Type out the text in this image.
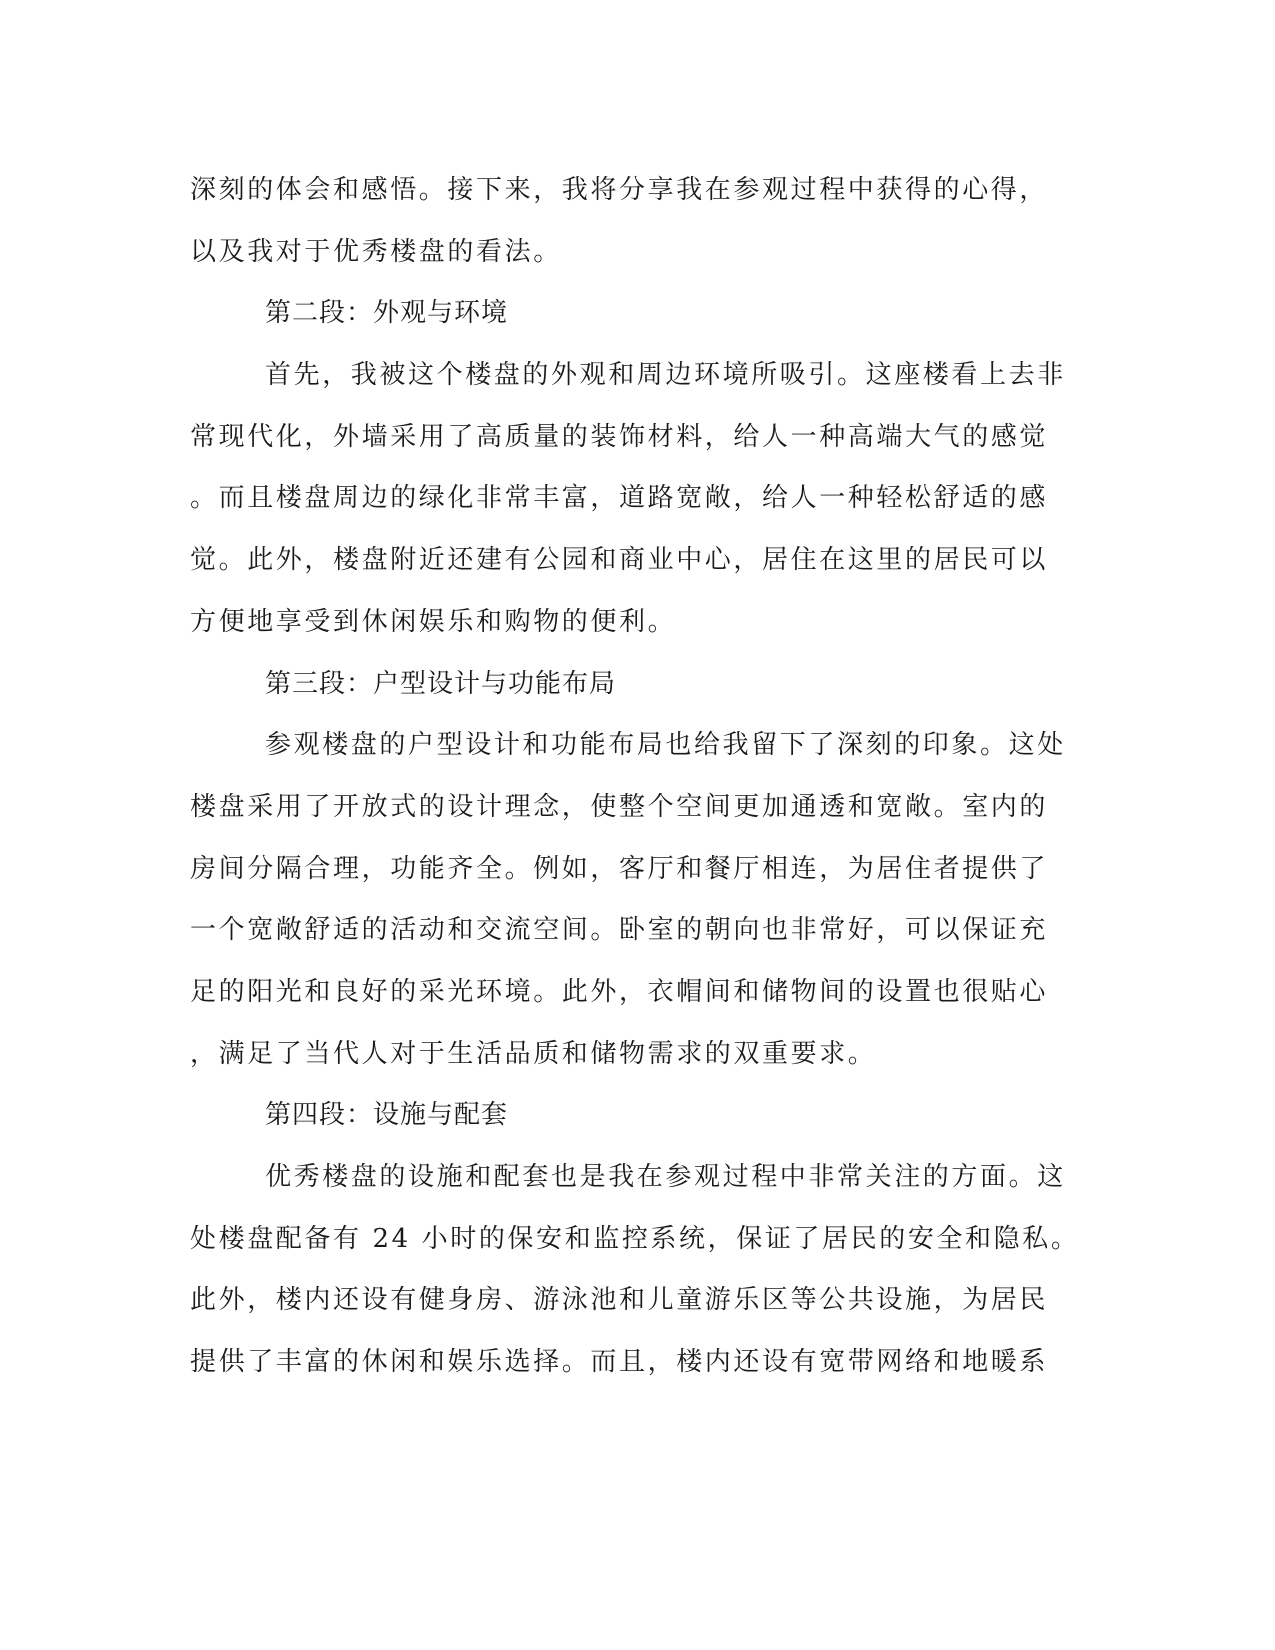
深刻的体会和感悟。接下来，我将分享我在参观过程中获得的心得，
以及我对于优秀楼盘的看法。
第二段：外观与环境
首先，我被这个楼盘的外观和周边环境所吸引。这座楼看上去非
常现代化，外墙采用了高质量的装饰材料，给人一种高端大气的感觉
。而且楼盘周边的绿化非常丰富，道路宽敞，给人一种轻松舒适的感
觉。此外，楼盘附近还建有公园和商业中心，居住在这里的居民可以
方便地享受到休闲娱乐和购物的便利。
第三段：户型设计与功能布局
参观楼盘的户型设计和功能布局也给我留下了深刻的印象。这处
楼盘采用了开放式的设计理念，使整个空间更加通透和宽敞。室内的
房间分隔合理，功能齐全。例如，客厅和餐厅相连，为居住者提供了
一个宽敞舒适的活动和交流空间。卧室的朝向也非常好，可以保证充
足的阳光和良好的采光环境。此外，衣帽间和储物间的设置也很贴心
，满足了当代人对于生活品质和储物需求的双重要求。
第四段：设施与配套
优秀楼盘的设施和配套也是我在参观过程中非常关注的方面。这
处楼盘配备有 24 小时的保安和监控系统，保证了居民的安全和隐私。
此外，楼内还设有健身房、游泳池和儿童游乐区等公共设施，为居民
提供了丰富的休闲和娱乐选择。而且，楼内还设有宽带网络和地暖系
